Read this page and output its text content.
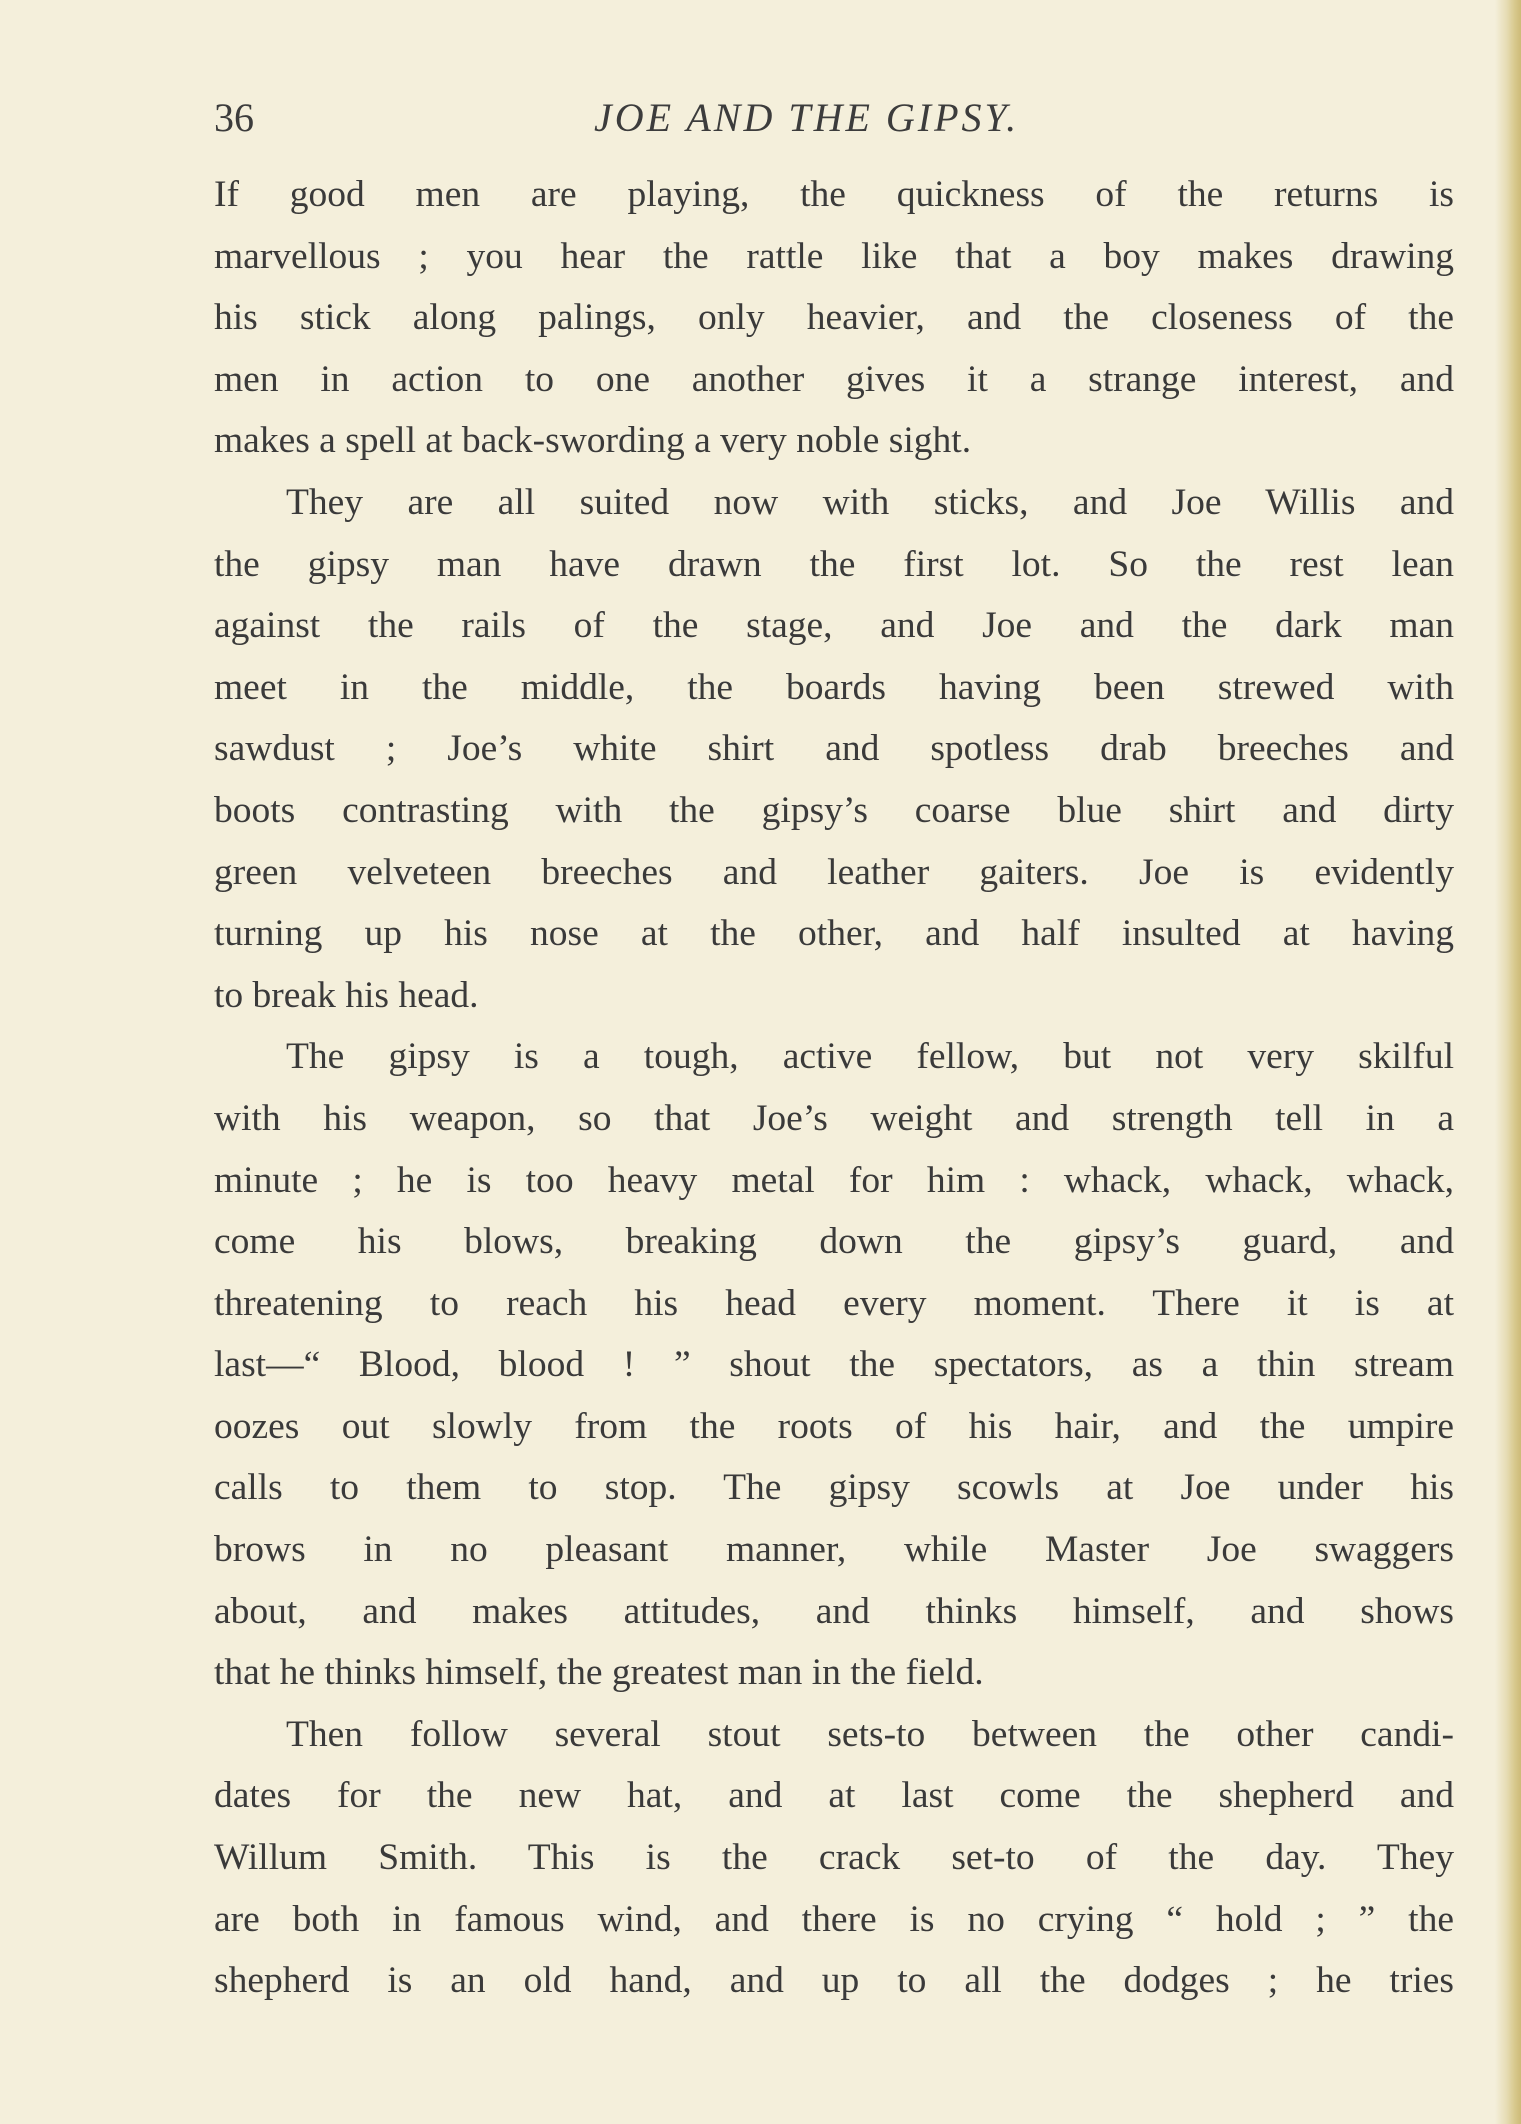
36	JOE AND THE GIPSY.
If good men are playing, the quickness of the returns is
marvellous ; you hear the rattle like that a boy makes drawing
his stick along palings, only heavier, and the closeness of the
men in action to one another gives it a strange interest, and
makes a spell at back-swording a very noble sight.
They are all suited now with sticks, and Joe Willis and
the gipsy man have drawn the first lot. So the rest lean
against the rails of the stage, and Joe and the dark man
meet in the middle, the boards having been strewed with
sawdust ; Joe’s white shirt and spotless drab breeches and
boots contrasting with the gipsy’s coarse blue shirt and dirty
green velveteen breeches and leather gaiters. Joe is evidently
turning up his nose at the other, and half insulted at having
to break his head.
The gipsy is a tough, active fellow, but not very skilful
with his weapon, so that Joe’s weight and strength tell in a
minute ; he is too heavy metal for him : whack, whack, whack,
come his blows, breaking down the gipsy’s guard, and
threatening to reach his head every moment. There it is at
last—“ Blood, blood ! ” shout the spectators, as a thin stream
oozes out slowly from the roots of his hair, and the umpire
calls to them to stop. The gipsy scowls at Joe under his
brows in no pleasant manner, while Master Joe swaggers
about, and makes attitudes, and thinks himself, and shows
that he thinks himself, the greatest man in the field.
Then follow several stout sets-to between the other candi-
dates for the new hat, and at last come the shepherd and
Willum Smith. This is the crack set-to of the day. They
are both in famous wind, and there is no crying “ hold ; ” the
shepherd is an old hand, and up to all the dodges ; he tries
